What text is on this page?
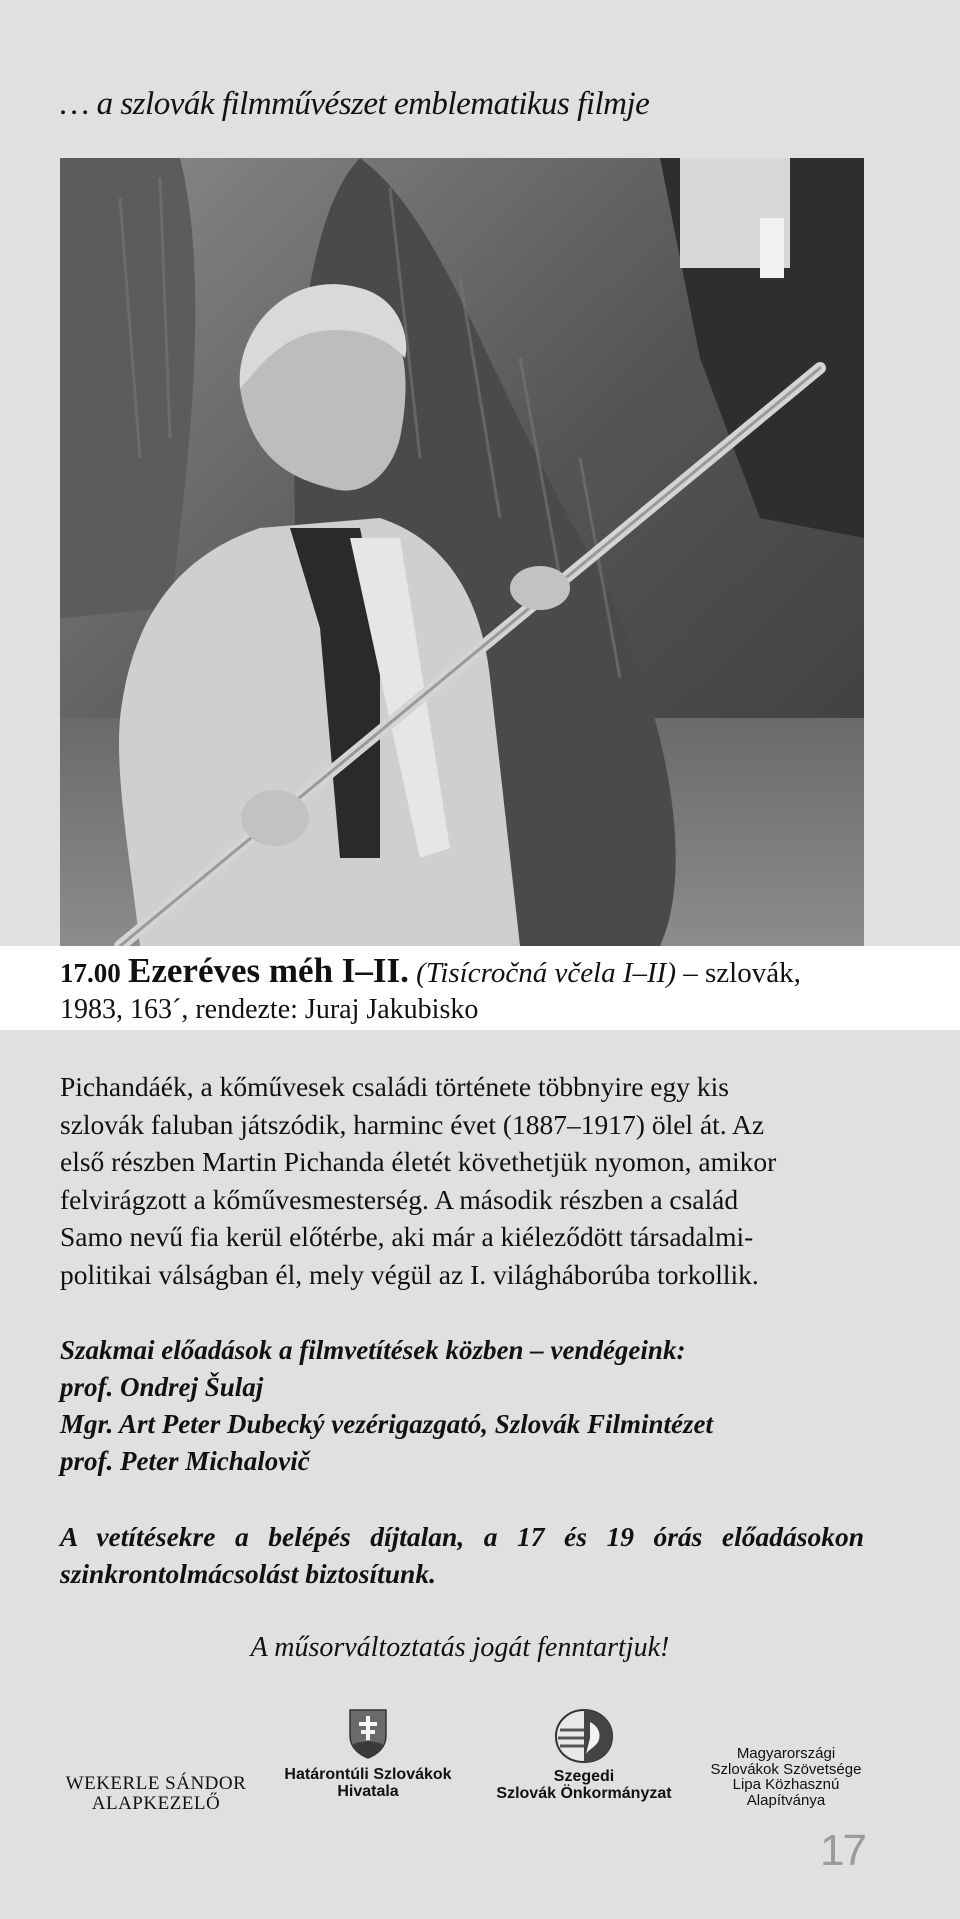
… a szlovák filmművészet emblematikus filmje
17.00 Ezeréves méh I–II. (Tisícročná včela I–II) – szlovák,
1983, 163´, rendezte: Juraj Jakubisko
Pichandáék, a kőművesek családi története többnyire egy kis
szlovák faluban játszódik, harminc évet (1887–1917) ölel át. Az
első részben Martin Pichanda életét követhetjük nyomon, amikor
felvirágzott a kőművesmesterség. A második részben a család
Samo nevű fia kerül előtérbe, aki már a kiéleződött társadalmi-
politikai válságban él, mely végül az I. világháborúba torkollik.
Szakmai előadások a filmvetítések közben – vendégeink:
prof. Ondrej Šulaj
Mgr. Art Peter Dubecký vezérigazgató, Szlovák Filmintézet
prof. Peter Michalovič
A vetítésekre a belépés díjtalan, a 17 és 19 órás előadásokon
szinkrontolmácsolást biztosítunk.
A műsorváltoztatás jogát fenntartjuk!
WEKERLE SÁNDOR
ALAPKEZELŐ
Határontúli Szlovákok
Hivatala
Szegedi
Szlovák Önkormányzat
Magyarországi
Szlovákok Szövetsége
Lipa Közhasznú
Alapítványa
17
